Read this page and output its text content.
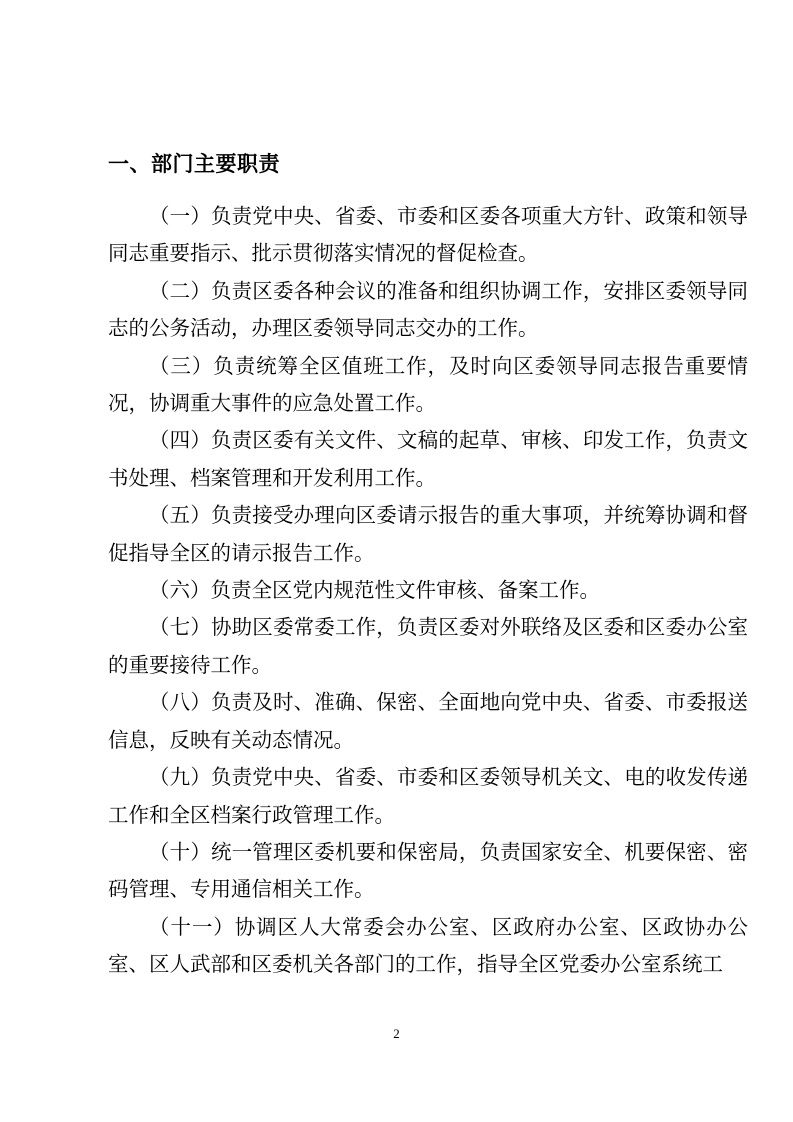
一、部门主要职责

（一）负责党中央、省委、市委和区委各项重大方针、政策和领导同志重要指示、批示贯彻落实情况的督促检查。

（二）负责区委各种会议的准备和组织协调工作，安排区委领导同志的公务活动，办理区委领导同志交办的工作。

（三）负责统筹全区值班工作，及时向区委领导同志报告重要情况，协调重大事件的应急处置工作。

（四）负责区委有关文件、文稿的起草、审核、印发工作，负责文书处理、档案管理和开发利用工作。

（五）负责接受办理向区委请示报告的重大事项，并统筹协调和督促指导全区的请示报告工作。

（六）负责全区党内规范性文件审核、备案工作。

（七）协助区委常委工作，负责区委对外联络及区委和区委办公室的重要接待工作。

（八）负责及时、准确、保密、全面地向党中央、省委、市委报送信息，反映有关动态情况。

（九）负责党中央、省委、市委和区委领导机关文、电的收发传递工作和全区档案行政管理工作。

（十）统一管理区委机要和保密局，负责国家安全、机要保密、密码管理、专用通信相关工作。

（十一）协调区人大常委会办公室、区政府办公室、区政协办公室、区人武部和区委机关各部门的工作，指导全区党委办公室系统工

2
